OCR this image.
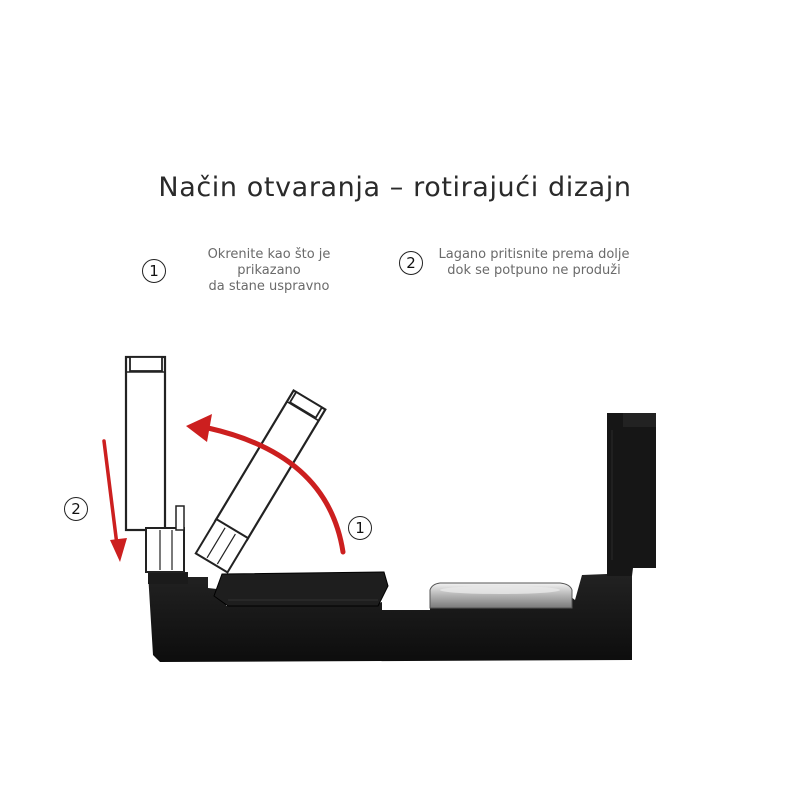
Način otvaranja – rotirajući dizajn
1
Okrenite kao što je prikazano
da stane uspravno
2	Lagano pritisnite prema dolje
dok se potpuno ne produži
1
2
